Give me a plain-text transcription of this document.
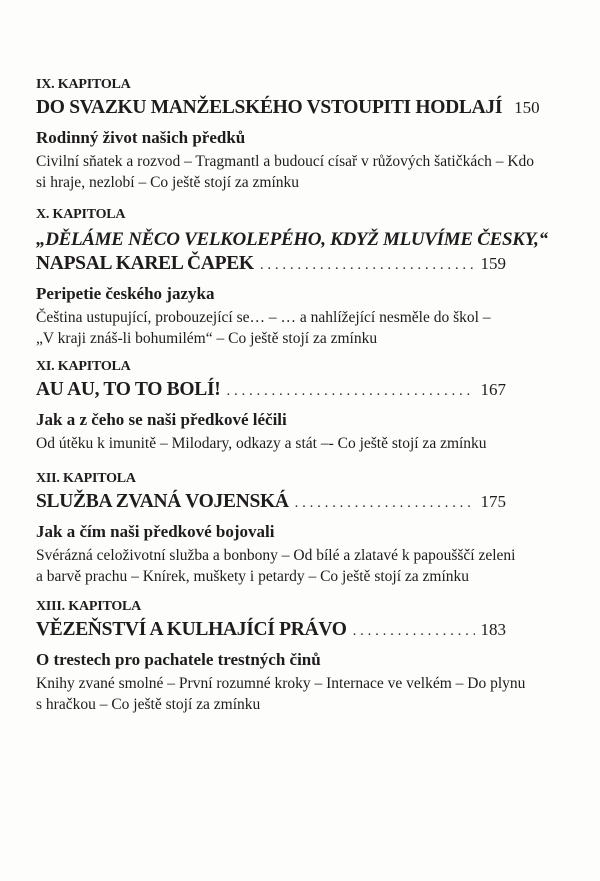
IX. KAPITOLA
DO SVAZKU MANŽELSKÉHO VSTOUPITI HODLAJÍ 150
Rodinný život našich předků
Civilní sňatek a rozvod – Tragmantl a budoucí císař v růžových šatičkách – Kdo
si hraje, nezlobí – Co ještě stojí za zmínku
X. KAPITOLA
„DĚLÁME NĚCO VELKOLEPÉHO, KDYŽ MLUVÍME ČESKY,“
NAPSAL KAREL ČAPEK . . .	159
Peripetie českého jazyka
Čeština ustupující, probouzející se… – … a nahlížející nesměle do škol –
„V kraji znáš-li bohumilém“ – Co ještě stojí za zmínku
XI. KAPITOLA
AU AU, TO TO BOLÍ! . . .	167
Jak a z čeho se naši předkové léčili
Od útěku k imunitě – Milodary, odkazy a stát –- Co ještě stojí za zmínku
XII. KAPITOLA
SLUŽBA ZVANÁ VOJENSKÁ . . .	175
Jak a čím naši předkové bojovali
Svérázná celoživotní služba a bonbony – Od bílé a zlatavé k papoušščí zeleni
a barvě prachu – Knírek, muškety i petardy – Co ještě stojí za zmínku
XIII. KAPITOLA
VĚZEŇSTVÍ A KULHAJÍCÍ PRÁVO . . .	183
O trestech pro pachatele trestných činů
Knihy zvané smolné – První rozumné kroky – Internace ve velkém – Do plynu
s hračkou – Co ještě stojí za zmínku
